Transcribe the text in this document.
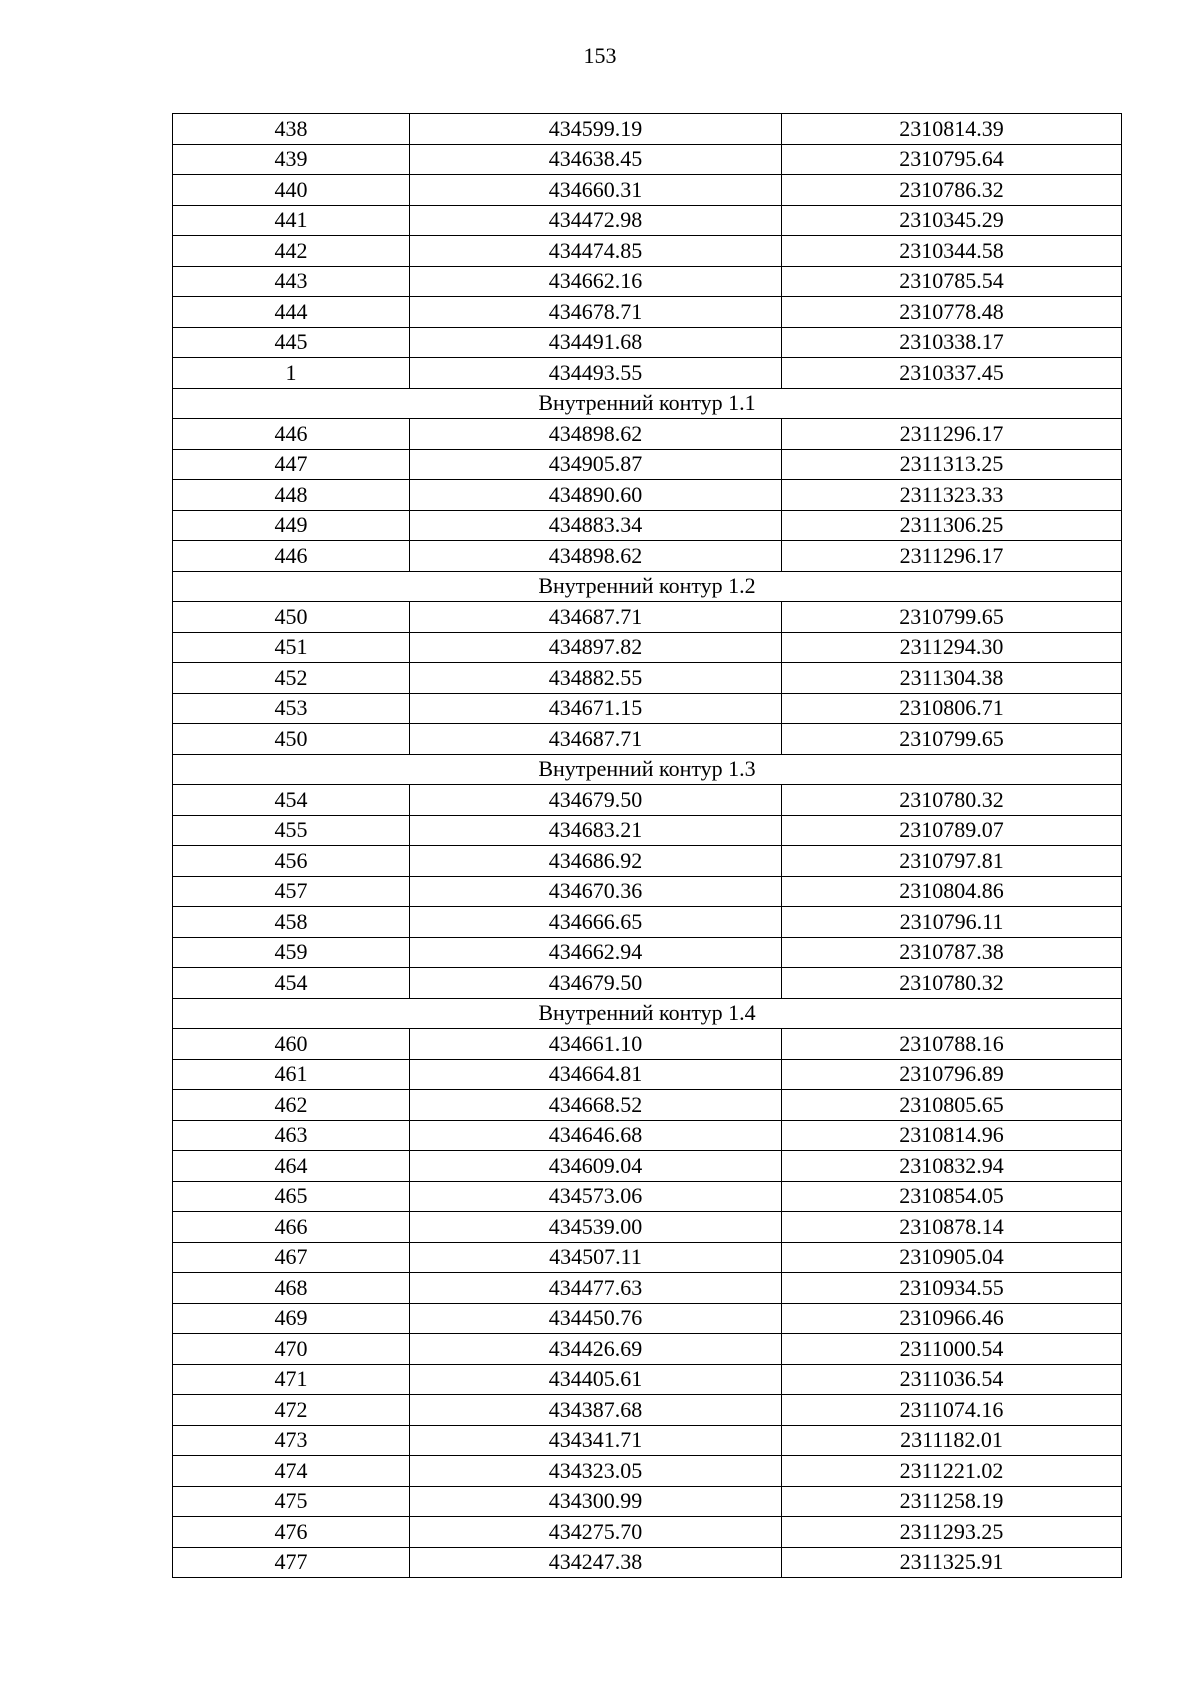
153
438	434599.19	2310814.39
439	434638.45	2310795.64
440	434660.31	2310786.32
441	434472.98	2310345.29
442	434474.85	2310344.58
443	434662.16	2310785.54
444	434678.71	2310778.48
445	434491.68	2310338.17
1	434493.55	2310337.45
Внутренний контур 1.1		
446	434898.62	2311296.17
447	434905.87	2311313.25
448	434890.60	2311323.33
449	434883.34	2311306.25
446	434898.62	2311296.17
Внутренний контур 1.2		
450	434687.71	2310799.65
451	434897.82	2311294.30
452	434882.55	2311304.38
453	434671.15	2310806.71
450	434687.71	2310799.65
Внутренний контур 1.3		
454	434679.50	2310780.32
455	434683.21	2310789.07
456	434686.92	2310797.81
457	434670.36	2310804.86
458	434666.65	2310796.11
459	434662.94	2310787.38
454	434679.50	2310780.32
Внутренний контур 1.4		
460	434661.10	2310788.16
461	434664.81	2310796.89
462	434668.52	2310805.65
463	434646.68	2310814.96
464	434609.04	2310832.94
465	434573.06	2310854.05
466	434539.00	2310878.14
467	434507.11	2310905.04
468	434477.63	2310934.55
469	434450.76	2310966.46
470	434426.69	2311000.54
471	434405.61	2311036.54
472	434387.68	2311074.16
473	434341.71	2311182.01
474	434323.05	2311221.02
475	434300.99	2311258.19
476	434275.70	2311293.25
477	434247.38	2311325.91
